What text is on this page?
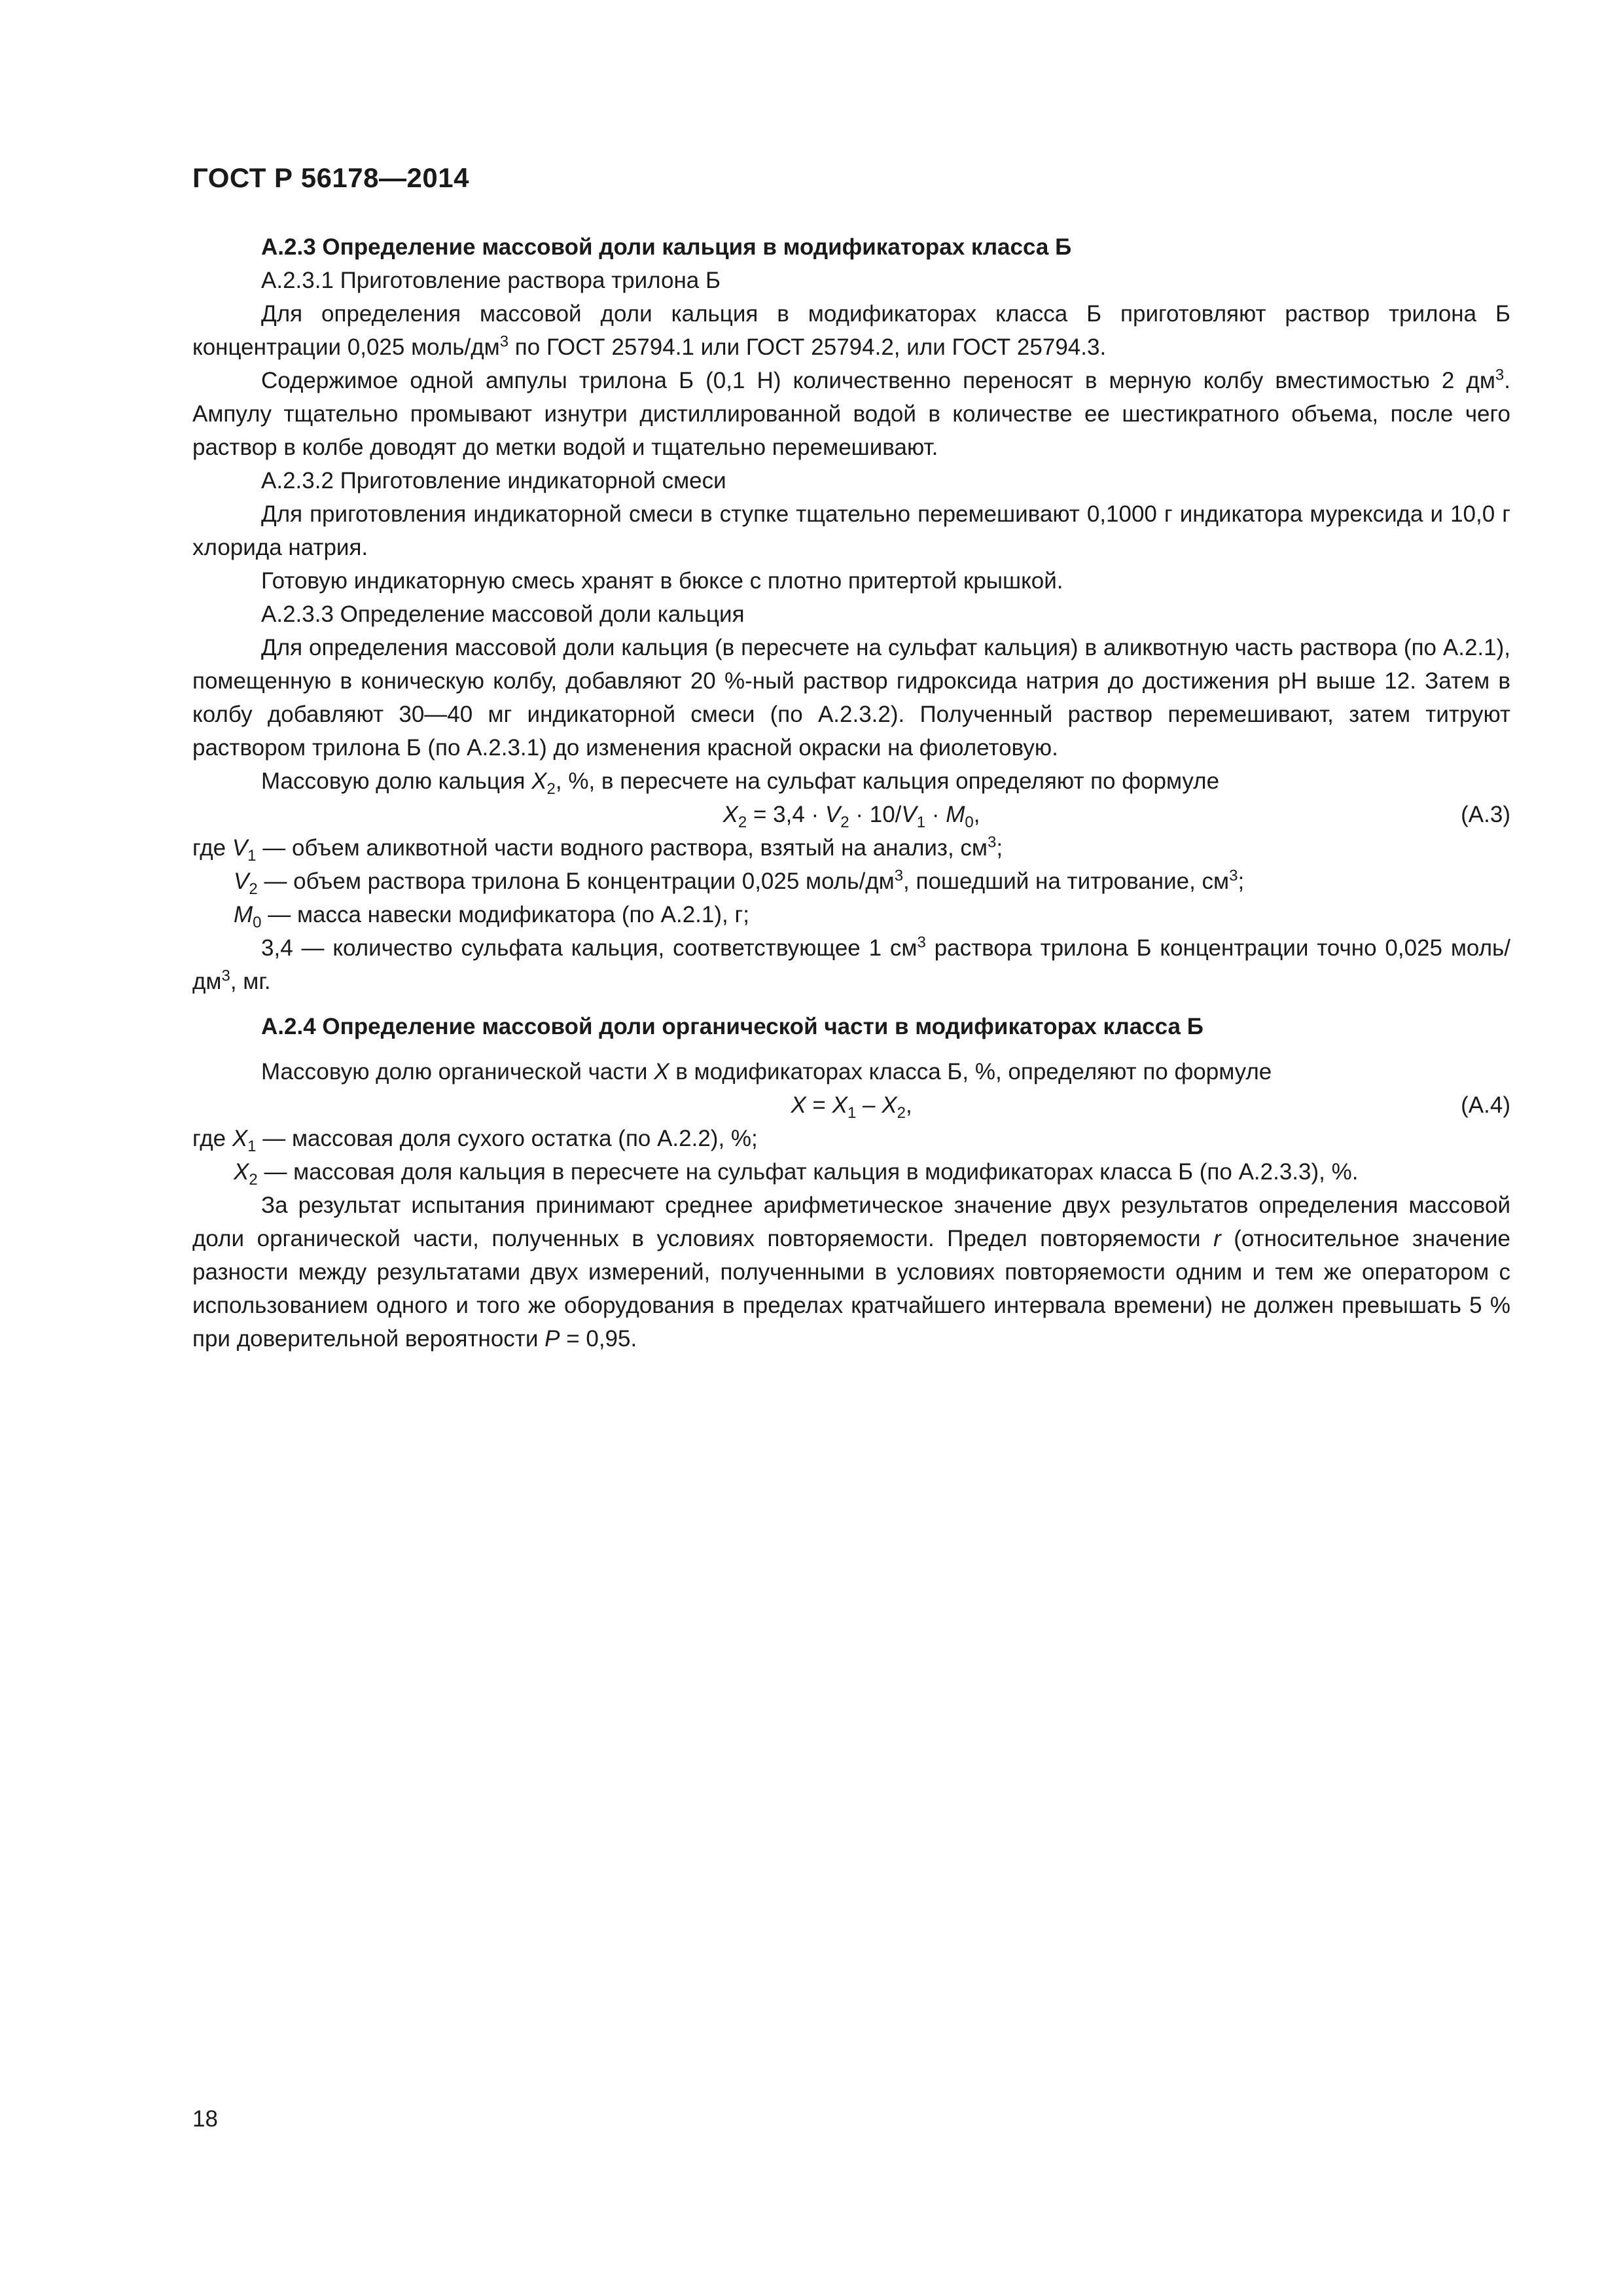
ГОСТ Р 56178—2014

А.2.3 Определение массовой доли кальция в модификаторах класса Б

А.2.3.1 Приготовление раствора трилона Б

Для определения массовой доли кальция в модификаторах класса Б приготовляют раствор трилона Б концентрации 0,025 моль/$дм^3$ по ГОСТ 25794.1 или ГОСТ 25794.2, или ГОСТ 25794.3.

Содержимое одной ампулы трилона Б (0,1 Н) количественно переносят в мерную колбу вместимостью 2 $дм^3$. Ампулу тщательно промывают изнутри дистиллированной водой в количестве ее шестикратного объема, после чего раствор в колбе доводят до метки водой и тщательно перемешивают.

А.2.3.2 Приготовление индикаторной смеси

Для приготовления индикаторной смеси в ступке тщательно перемешивают 0,1000 г индикатора мурексида и 10,0 г хлорида натрия.

Готовую индикаторную смесь хранят в бюксе с плотно притертой крышкой.

А.2.3.3 Определение массовой доли кальция

Для определения массовой доли кальция (в пересчете на сульфат кальция) в аликвотную часть раствора (по А.2.1), помещенную в коническую колбу, добавляют 20 %-ный раствор гидроксида натрия до достижения рН выше 12. Затем в колбу добавляют 30—40 мг индикаторной смеси (по А.2.3.2). Полученный раствор перемешивают, затем титруют раствором трилона Б (по А.2.3.1) до изменения красной окраски на фиолетовую.

Массовую долю кальция $X_2$, %, в пересчете на сульфат кальция определяют по формуле

$X_2 = 3,4 \cdot V_2 \cdot 10/V_1 \cdot M_0$,	(А.3)

где $V_1$ — объем аликвотной части водного раствора, взятый на анализ, $см^3$;

$V_2$ — объем раствора трилона Б концентрации 0,025 моль/$дм^3$, пошедший на титрование, $см^3$;

$M_0$ — масса навески модификатора (по А.2.1), г;

3,4 — количество сульфата кальция, соответствующее 1 $см^3$ раствора трилона Б концентрации точно 0,025 моль/$дм^3$, мг.

А.2.4 Определение массовой доли органической части в модификаторах класса Б

Массовую долю органической части X в модификаторах класса Б, %, определяют по формуле

$X = X_1 - X_2$,	(А.4)

где $X_1$ — массовая доля сухого остатка (по А.2.2), %;

$X_2$ — массовая доля кальция в пересчете на сульфат кальция в модификаторах класса Б (по А.2.3.3), %.

За результат испытания принимают среднее арифметическое значение двух результатов определения массовой доли органической части, полученных в условиях повторяемости. Предел повторяемости r (относительное значение разности между результатами двух измерений, полученными в условиях повторяемости одним и тем же оператором с использованием одного и того же оборудования в пределах кратчайшего интервала времени) не должен превышать 5 % при доверительной вероятности P = 0,95.

18
